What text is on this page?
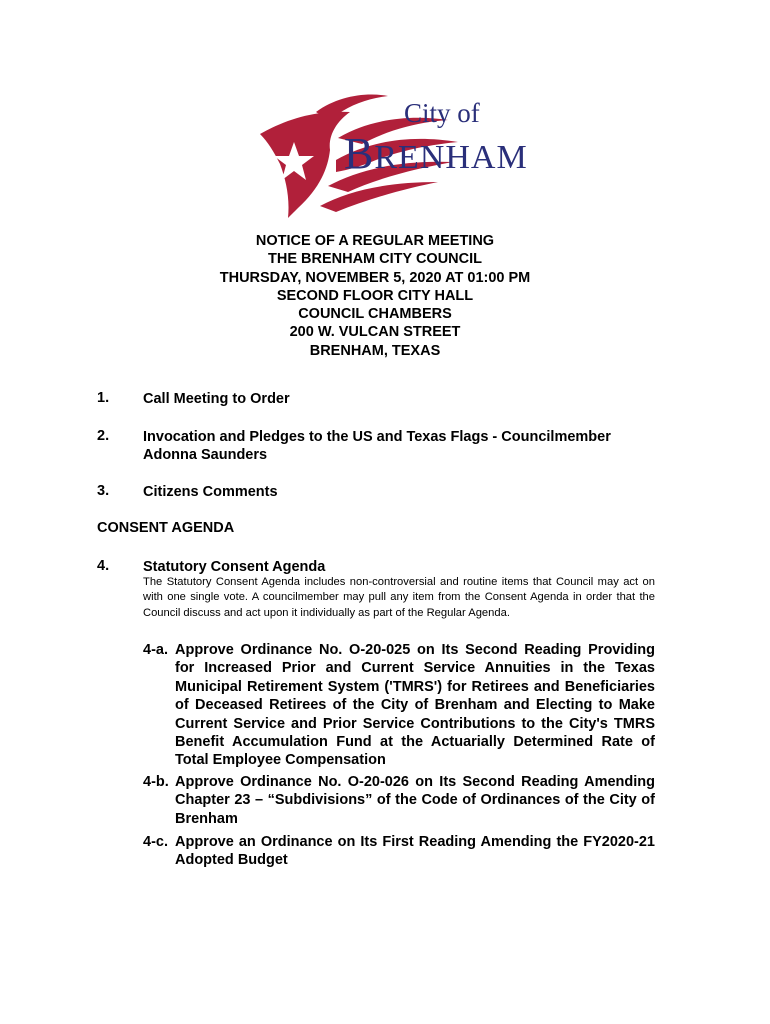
City of
BRENHAM
NOTICE OF A REGULAR MEETING
THE BRENHAM CITY COUNCIL
THURSDAY, NOVEMBER 5, 2020 AT 01:00 PM
SECOND FLOOR CITY HALL
COUNCIL CHAMBERS
200 W. VULCAN STREET
BRENHAM, TEXAS
1. Call Meeting to Order
2. Invocation and Pledges to the US and Texas Flags - Councilmember Adonna Saunders
3. Citizens Comments
CONSENT AGENDA
4. Statutory Consent Agenda
The Statutory Consent Agenda includes non-controversial and routine items that Council may act on with one single vote. A councilmember may pull any item from the Consent Agenda in order that the Council discuss and act upon it individually as part of the Regular Agenda.
4-a. Approve Ordinance No. O-20-025 on Its Second Reading Providing for Increased Prior and Current Service Annuities in the Texas Municipal Retirement System ('TMRS') for Retirees and Beneficiaries of Deceased Retirees of the City of Brenham and Electing to Make Current Service and Prior Service Contributions to the City's TMRS Benefit Accumulation Fund at the Actuarially Determined Rate of Total Employee Compensation
4-b. Approve Ordinance No. O-20-026 on Its Second Reading Amending Chapter 23 – “Subdivisions” of the Code of Ordinances of the City of Brenham
4-c. Approve an Ordinance on Its First Reading Amending the FY2020-21 Adopted Budget
